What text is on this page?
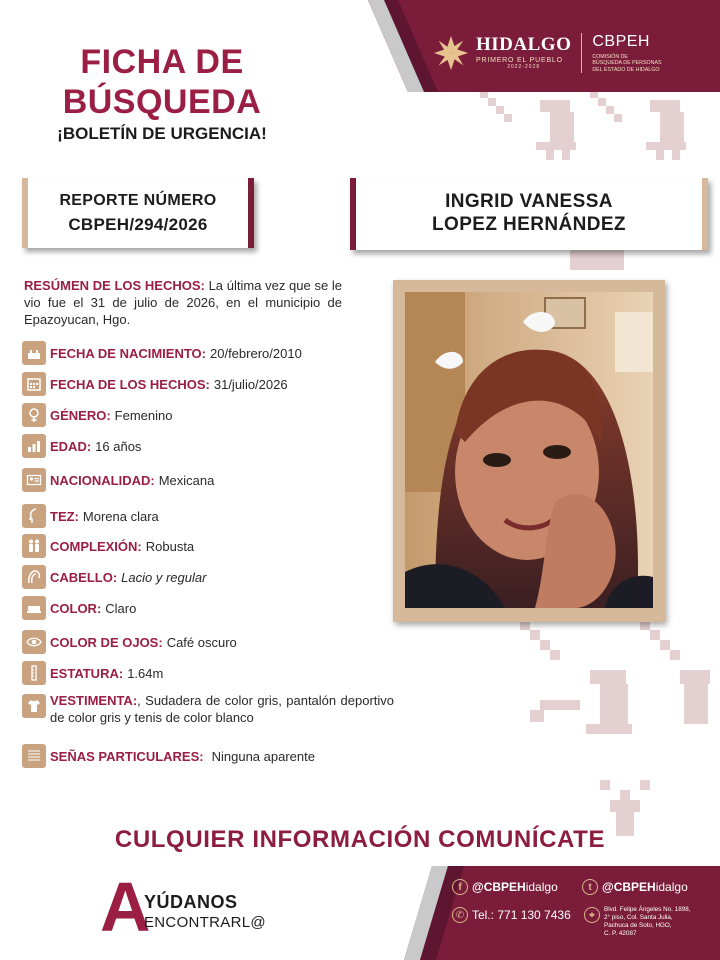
HIDALGO
PRIMERO EL PUEBLO
2022-2028
CBPEH
COMISIÓN DE
BÚSQUEDA DE PERSONAS
DEL ESTADO DE HIDALGO
FICHA DE
BÚSQUEDA
¡BOLETÍN DE URGENCIA!
REPORTE NÚMERO
CBPEH/294/2026
INGRID VANESSA
LOPEZ HERNÁNDEZ
RESÚMEN DE LOS HECHOS: La última vez que se le vio fue el 31 de julio de 2026, en el municipio de Epazoyucan, Hgo.
FECHA DE NACIMIENTO: 20/febrero/2010
FECHA DE LOS HECHOS: 31/julio/2026
GÉNERO: Femenino
EDAD: 16 años
NACIONALIDAD: Mexicana
TEZ: Morena clara
COMPLEXIÓN: Robusta
CABELLO: Lacio y regular
COLOR: Claro
COLOR DE OJOS: Café oscuro
ESTATURA: 1.64m
VESTIMENTA:, Sudadera de color gris, pantalón deportivo de color gris y tenis de color blanco
SEÑAS PARTICULARES: Ninguna aparente
CULQUIER INFORMACIÓN COMUNÍCATE
A
YÚDANOS
ENCONTRARL@
f @CBPEHidalgo	t @CBPEHidalgo
✆ Tel.: 771 130 7436	⌖	Blvd. Felipe Ángeles No. 1898,
2° piso, Col. Santa Julia,
Pachuca de Soto, HGO,
C. P. 42087
